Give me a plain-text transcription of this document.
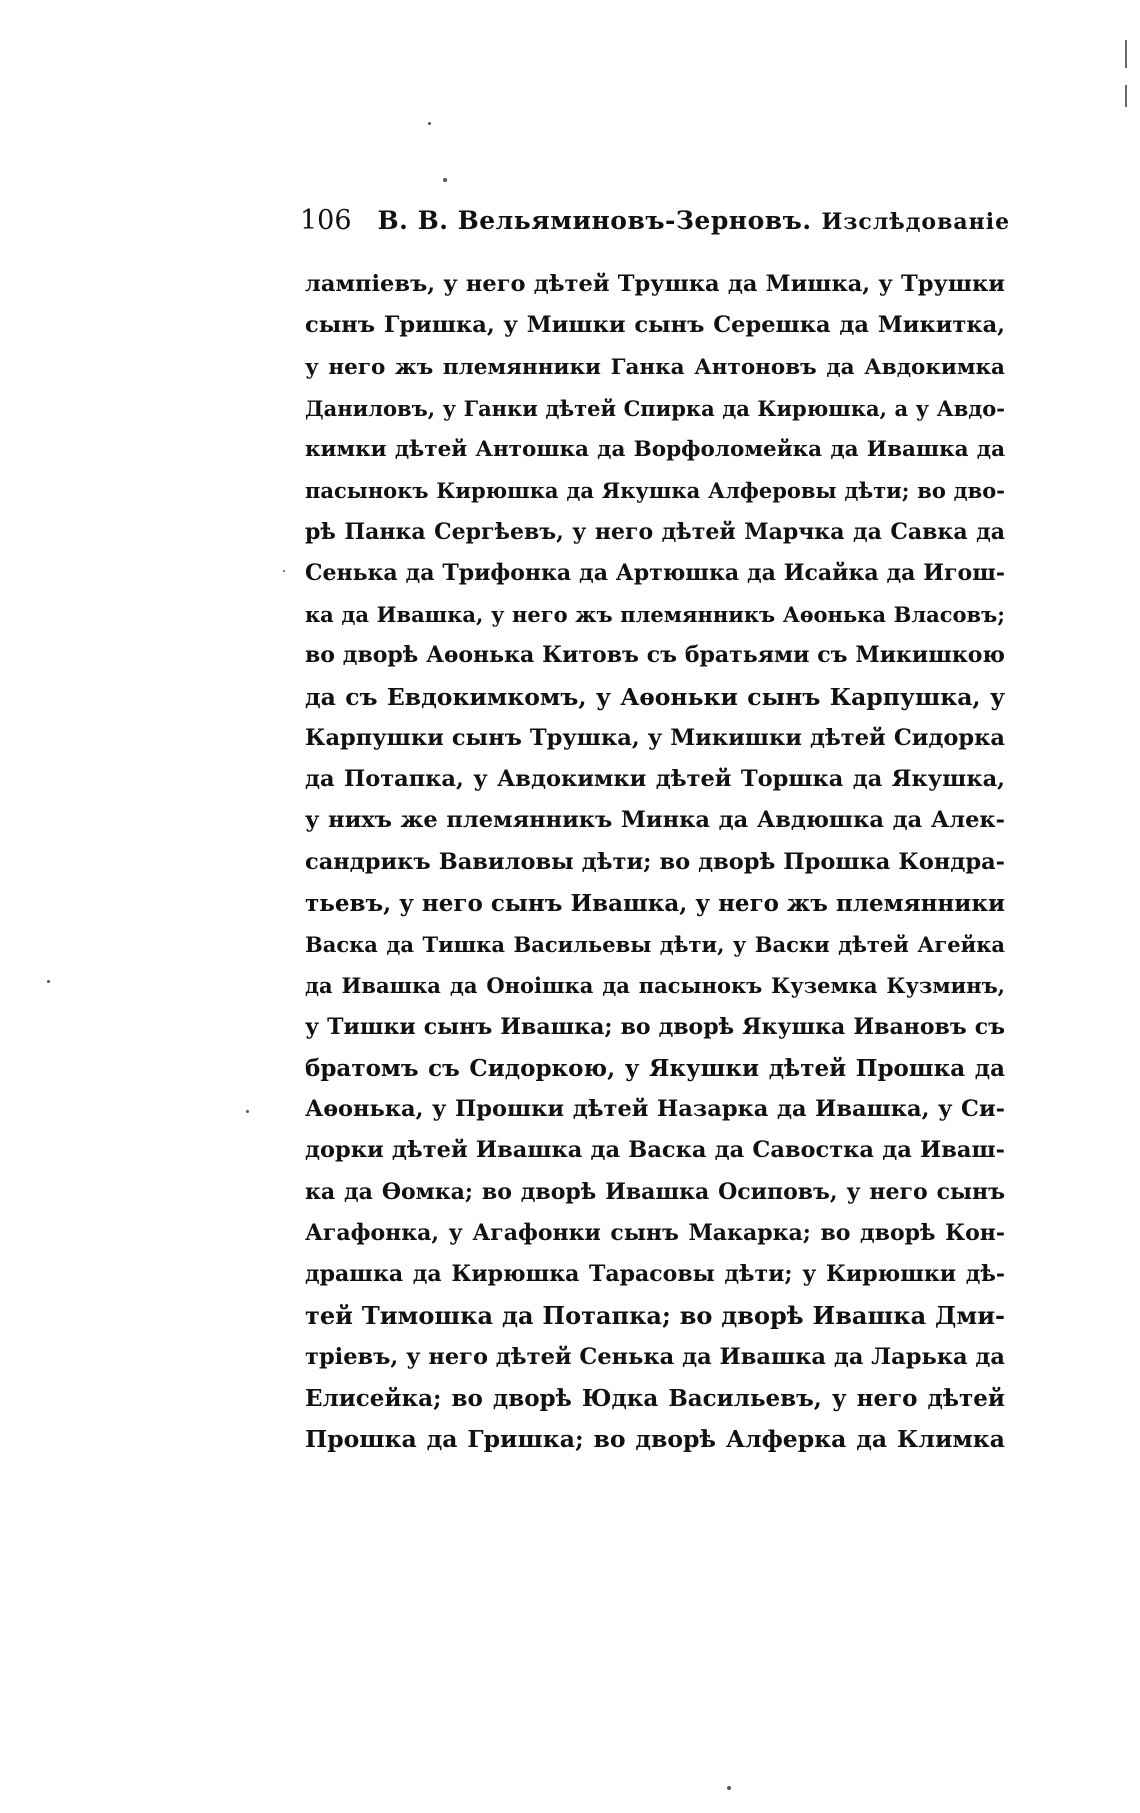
106 В. В. Вельяминовъ-Зерновъ. Изслѣдованіе
лампіевъ, у него дѣтей Трушка да Мишка, у Трушки
сынъ Гришка, у Мишки сынъ Серешка да Микитка,
у него жъ племянники Ганка Антоновъ да Авдокимка
Даниловъ, у Ганки дѣтей Спирка да Кирюшка, а у Авдо-
кимки дѣтей Антошка да Ворфоломейка да Ивашка да
пасынокъ Кирюшка да Якушка Алферовы дѣти; во дво-
рѣ Панка Сергѣевъ, у него дѣтей Марчка да Савка да
Сенька да Трифонка да Артюшка да Исайка да Игош-
ка да Ивашка, у него жъ племянникъ Аѳонька Власовъ;
во дворѣ Аѳонька Китовъ съ братьями съ Микишкою
да съ Евдокимкомъ, у Аѳоньки сынъ Карпушка, у
Карпушки сынъ Трушка, у Микишки дѣтей Сидорка
да Потапка, у Авдокимки дѣтей Торшка да Якушка,
у нихъ же племянникъ Минка да Авдюшка да Алек-
сандрикъ Вавиловы дѣти; во дворѣ Прошка Кондра-
тьевъ, у него сынъ Ивашка, у него жъ племянники
Васка да Тишка Васильевы дѣти, у Васки дѣтей Агейка
да Ивашка да Оноішка да пасынокъ Куземка Кузминъ,
у Тишки сынъ Ивашка; во дворѣ Якушка Ивановъ съ
братомъ съ Сидоркою, у Якушки дѣтей Прошка да
Аѳонька, у Прошки дѣтей Назарка да Ивашка, у Си-
дорки дѣтей Ивашка да Васка да Савостка да Иваш-
ка да Ѳомка; во дворѣ Ивашка Осиповъ, у него сынъ
Агафонка, у Агафонки сынъ Макарка; во дворѣ Кон-
драшка да Кирюшка Тарасовы дѣти; у Кирюшки дѣ-
тей Тимошка да Потапка; во дворѣ Ивашка Дми-
тріевъ, у него дѣтей Сенька да Ивашка да Ларька да
Елисейка; во дворѣ Юдка Васильевъ, у него дѣтей
Прошка да Гришка; во дворѣ Алферка да Климка
